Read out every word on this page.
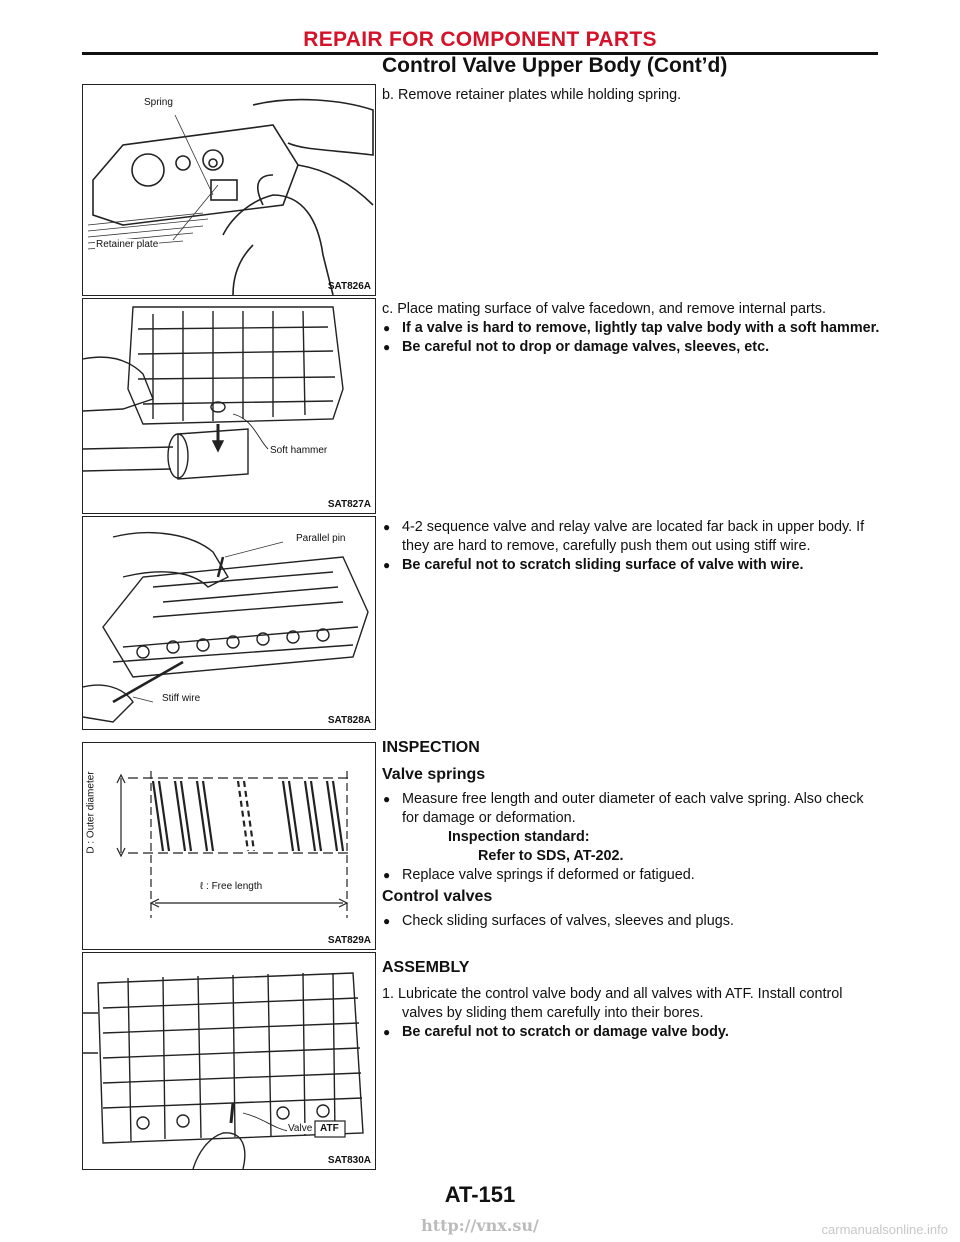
REPAIR FOR COMPONENT PARTS
Control Valve Upper Body (Cont’d)
Spring
Retainer plate
SAT826A
Soft hammer
SAT827A
Parallel pin
Stiff wire
SAT828A
D : Outer diameter
ℓ : Free length
SAT829A
Valve ATF
SAT830A

b. Remove retainer plates while holding spring.

c. Place mating surface of valve facedown, and remove internal parts.

● If a valve is hard to remove, lightly tap valve body with a soft hammer.

● Be careful not to drop or damage valves, sleeves, etc.

● 4-2 sequence valve and relay valve are located far back in upper body. If they are hard to remove, carefully push them out using stiff wire.

● Be careful not to scratch sliding surface of valve with wire.

INSPECTION
Valve springs

● Measure free length and outer diameter of each valve spring. Also check for damage or deformation.

Inspection standard:

Refer to SDS, AT-202.

● Replace valve springs if deformed or fatigued.

Control valves

● Check sliding surfaces of valves, sleeves and plugs.

ASSEMBLY

1. Lubricate the control valve body and all valves with ATF. Install control valves by sliding them carefully into their bores.

● Be careful not to scratch or damage valve body.

AT-151
http://vnx.su/	carmanualsonline.info
